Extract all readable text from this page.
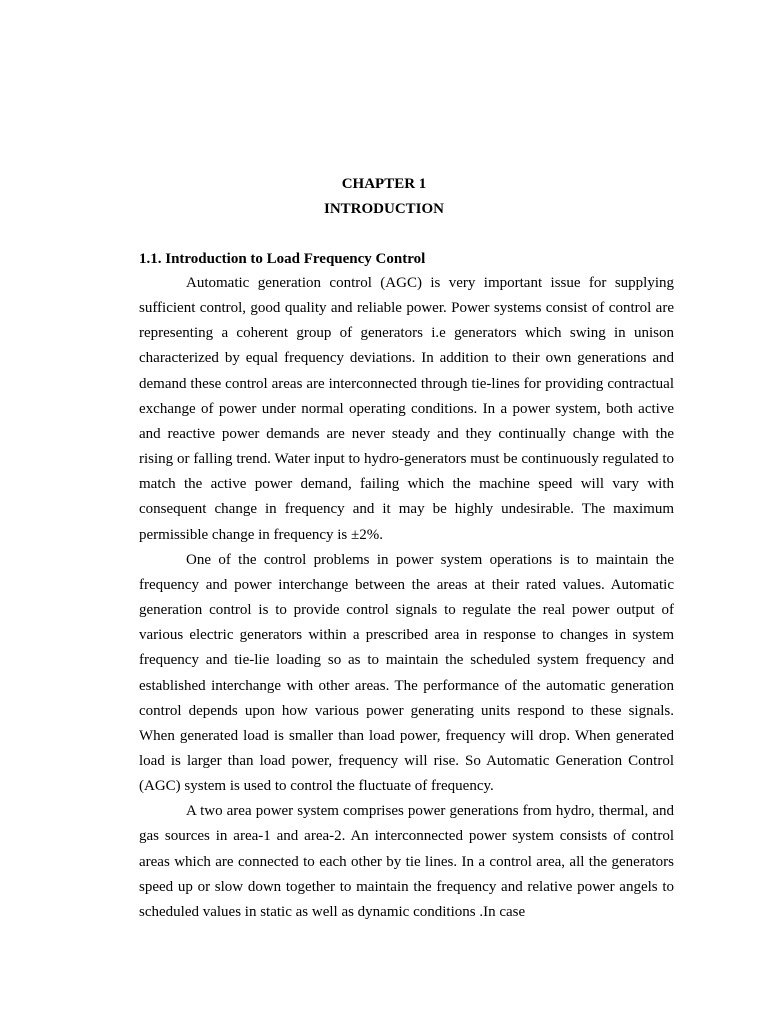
CHAPTER 1
INTRODUCTION
1.1. Introduction to Load Frequency Control

Automatic generation control (AGC) is very important issue for supplying sufficient control, good quality and reliable power. Power systems consist of control are representing a coherent group of generators i.e generators which swing in unison characterized by equal frequency deviations. In addition to their own generations and demand these control areas are interconnected through tie-lines for providing contractual exchange of power under normal operating conditions. In a power system, both active and reactive power demands are never steady and they continually change with the rising or falling trend. Water input to hydro-generators must be continuously regulated to match the active power demand, failing which the machine speed will vary with consequent change in frequency and it may be highly undesirable. The maximum permissible change in frequency is ±2%.

One of the control problems in power system operations is to maintain the frequency and power interchange between the areas at their rated values. Automatic generation control is to provide control signals to regulate the real power output of various electric generators within a prescribed area in response to changes in system frequency and tie-lie loading so as to maintain the scheduled system frequency and established interchange with other areas. The performance of the automatic generation control depends upon how various power generating units respond to these signals. When generated load is smaller than load power, frequency will drop. When generated load is larger than load power, frequency will rise. So Automatic Generation Control (AGC) system is used to control the fluctuate of frequency.

A two area power system comprises power generations from hydro, thermal, and gas sources in area-1 and area-2. An interconnected power system consists of control areas which are connected to each other by tie lines. In a control area, all the generators speed up or slow down together to maintain the frequency and relative power angels to scheduled values in static as well as dynamic conditions .In case
